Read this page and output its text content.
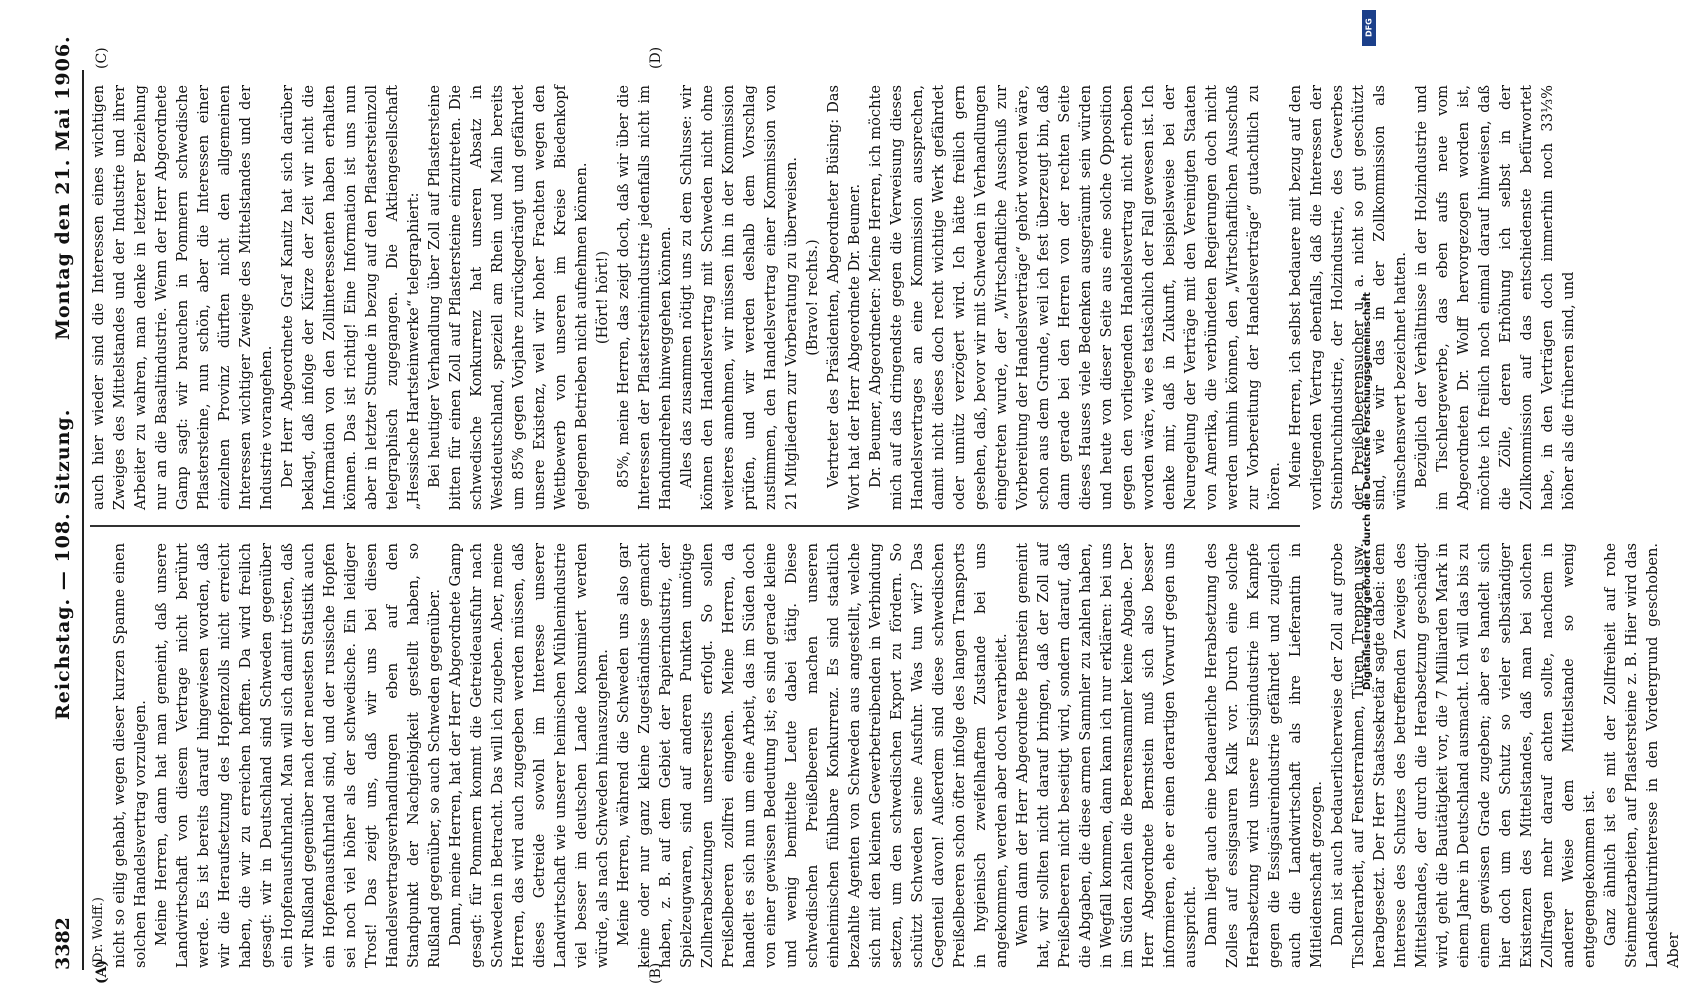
3382
Reichstag. — 108. Sitzung.
Montag den 21. Mai 1906.
(A)	(B)
(C)	(D)

(Dr. Wolff.) nicht so eilig gehabt, wegen dieser kurzen Spanne einen solchen Handelsvertrag vorzulegen. Meine Herren, dann hat man gemeint, daß unsere Landwirtschaft von diesem Vertrage nicht berührt werde. Es ist bereits darauf hingewiesen worden, daß wir die Heraufsetzung des Hopfenzolls nicht erreicht haben, die wir zu erreichen hofften. Da wird freilich gesagt: wir in Deutschland sind Schweden gegenüber ein Hopfenausfuhrland. Man will sich damit trösten, daß wir Rußland gegenüber nach der neuesten Statistik auch ein Hopfenausfuhrland sind, und der russische Hopfen sei noch viel höher als der schwedische. Ein leidiger Trost! Das zeigt uns, daß wir uns bei diesen Handelsvertragsverhandlungen eben auf den Standpunkt der Nachgiebigkeit gestellt haben, so Rußland gegenüber, so auch Schweden gegenüber. Dann, meine Herren, hat der Herr Abgeordnete Gamp gesagt: für Pommern kommt die Getreideausfuhr nach Schweden in Betracht. Das will ich zugeben. Aber, meine Herren, das wird auch zugegeben werden müssen, daß dieses Getreide sowohl im Interesse unserer Landwirtschaft wie unserer heimischen Mühlenindustrie viel besser im deutschen Lande konsumiert werden würde, als nach Schweden hinauszugehen. Meine Herren, während die Schweden uns also gar keine oder nur ganz kleine Zugeständnisse gemacht haben, z. B. auf dem Gebiet der Papierindustrie, der Spielzeugwaren, sind auf anderen Punkten unnötige Zollherabsetzungen unsererseits erfolgt. So sollen Preißelbeeren zollfrei eingehen. Meine Herren, da handelt es sich nun um eine Arbeit, das im Süden doch von einer gewissen Bedeutung ist; es sind gerade kleine und wenig bemittelte Leute dabei tätig. Diese schwedischen Preißelbeeren machen unseren einheimischen fühlbare Konkurrenz. Es sind staatlich bezahlte Agenten von Schweden aus angestellt, welche sich mit den kleinen Gewerbetreibenden in Verbindung setzen, um den schwedischen Export zu fördern. So schützt Schweden seine Ausfuhr. Was tun wir? Das Gegenteil davon! Außerdem sind diese schwedischen Preißelbeeren schon öfter infolge des langen Transports in hygienisch zweifelhaftem Zustande bei uns angekommen, werden aber doch verarbeitet. Wenn dann der Herr Abgeordnete Bernstein gemeint hat, wir sollten nicht darauf bringen, daß der Zoll auf Preißelbeeren nicht beseitigt wird, sondern darauf, daß die Abgaben, die diese armen Sammler zu zahlen haben, in Wegfall kommen, dann kann ich nur erklären: bei uns im Süden zahlen die Beerensammler keine Abgabe. Der Herr Abgeordnete Bernstein muß sich also besser informieren, ehe er einen derartigen Vorwurf gegen uns ausspricht. Dann liegt auch eine bedauerliche Herabsetzung des Zolles auf essigsauren Kalk vor. Durch eine solche Herabsetzung wird unsere Essigindustrie im Kampfe gegen die Essigsäureindustrie gefährdet und zugleich auch die Landwirtschaft als ihre Lieferantin in Mitleidenschaft gezogen. Dann ist auch bedauerlicherweise der Zoll auf grobe Tischlerarbeit, auf Fensterrahmen, Türen, Treppen usw. herabgesetzt. Der Herr Staatssekretär sagte dabei: dem Interesse des Schutzes des betreffenden Zweiges des Mittelstandes, der durch die Herabsetzung geschädigt wird, geht die Bautätigkeit vor, die 7 Milliarden Mark in einem Jahre in Deutschland ausmacht. Ich will das bis zu einem gewissen Grade zugeben; aber es handelt sich hier doch um den Schutz so vieler selbständiger Existenzen des Mittelstandes, daß man bei solchen Zollfragen mehr darauf achten sollte, nachdem in anderer Weise dem Mittelstande so wenig entgegengekommen ist. Ganz ähnlich ist es mit der Zollfreiheit auf rohe Steinmetzarbeiten, auf Pflastersteine z. B. Hier wird das Landeskulturinteresse in den Vordergrund geschoben. Aber

auch hier wieder sind die Interessen eines wichtigen Zweiges des Mittelstandes und der Industrie und ihrer Arbeiter zu wahren, man denke in letzterer Beziehung nur an die Basaltindustrie. Wenn der Herr Abgeordnete Gamp sagt: wir brauchen in Pommern schwedische Pflastersteine, nun schön, aber die Interessen einer einzelnen Provinz dürften nicht den allgemeinen Interessen wichtiger Zweige des Mittelstandes und der Industrie vorangehen. Der Herr Abgeordnete Graf Kanitz hat sich darüber beklagt, daß infolge der Kürze der Zeit wir nicht die Information von den Zollinteressenten haben erhalten können. Das ist richtig! Eine Information ist uns nun aber in letzter Stunde in bezug auf den Pflastersteinzoll telegraphisch zugegangen. Die Aktiengesellschaft „Hessische Hartsteinwerke“ telegraphiert: Bei heutiger Verhandlung über Zoll auf Pflastersteine bitten für einen Zoll auf Pflastersteine einzutreten. Die schwedische Konkurrenz hat unseren Absatz in Westdeutschland, speziell am Rhein und Main bereits um 85% gegen Vorjahre zurückgedrängt und gefährdet unsere Existenz, weil wir hoher Frachten wegen den Wettbewerb von unseren im Kreise Biedenkopf gelegenen Betrieben nicht aufnehmen können. (Hört! hört!) 85%, meine Herren, das zeigt doch, daß wir über die Interessen der Pflastersteinindustrie jedenfalls nicht im Handumdrehen hinweggehen können. Alles das zusammen nötigt uns zu dem Schlusse: wir können den Handelsvertrag mit Schweden nicht ohne weiteres annehmen, wir müssen ihn in der Kommission prüfen, und wir werden deshalb dem Vorschlag zustimmen, den Handelsvertrag einer Kommission von 21 Mitgliedern zur Vorberatung zu überweisen. (Bravo! rechts.) Vertreter des Präsidenten, Abgeordneter Büsing: Das Wort hat der Herr Abgeordnete Dr. Beumer. Dr. Beumer, Abgeordneter: Meine Herren, ich möchte mich auf das dringendste gegen die Verweisung dieses Handelsvertrages an eine Kommission aussprechen, damit nicht dieses doch recht wichtige Werk gefährdet oder unnütz verzögert wird. Ich hätte freilich gern gesehen, daß, bevor wir mit Schweden in Verhandlungen eingetreten wurde, der „Wirtschaftliche Ausschuß zur Vorbereitung der Handelsverträge“ gehört worden wäre, schon aus dem Grunde, weil ich fest überzeugt bin, daß dann gerade bei den Herren von der rechten Seite dieses Hauses viele Bedenken ausgeräumt sein würden und heute von dieser Seite aus eine solche Opposition gegen den vorliegenden Handelsvertrag nicht erhoben worden wäre, wie es tatsächlich der Fall gewesen ist. Ich denke mir, daß in Zukunft, beispielsweise bei der Neuregelung der Verträge mit den Vereinigten Staaten von Amerika, die verbündeten Regierungen doch nicht werden umhin können, den „Wirtschaftlichen Ausschuß zur Vorbereitung der Handelsverträge“ gutachtlich zu hören. Meine Herren, ich selbst bedauere mit bezug auf den vorliegenden Vertrag ebenfalls, daß die Interessen der Steinbruchindustrie, der Holzindustrie, des Gewerbes der Preißelbeerensucher u. a. nicht so gut geschützt sind, wie wir das in der Zollkommission als wünschenswert bezeichnet hatten. Bezüglich der Verhältnisse in der Holzindustrie und im Tischlergewerbe, das eben aufs neue vom Abgeordneten Dr. Wolff hervorgezogen worden ist, möchte ich freilich noch einmal darauf hinweisen, daß die Zölle, deren Erhöhung ich selbst in der Zollkommission auf das entschiedenste befürwortet habe, in den Verträgen doch immerhin noch 33⅓% höher als die früheren sind, und

DFG
Digitalisierung gefördert durch die Deutsche Forschungsgemeinschaft
